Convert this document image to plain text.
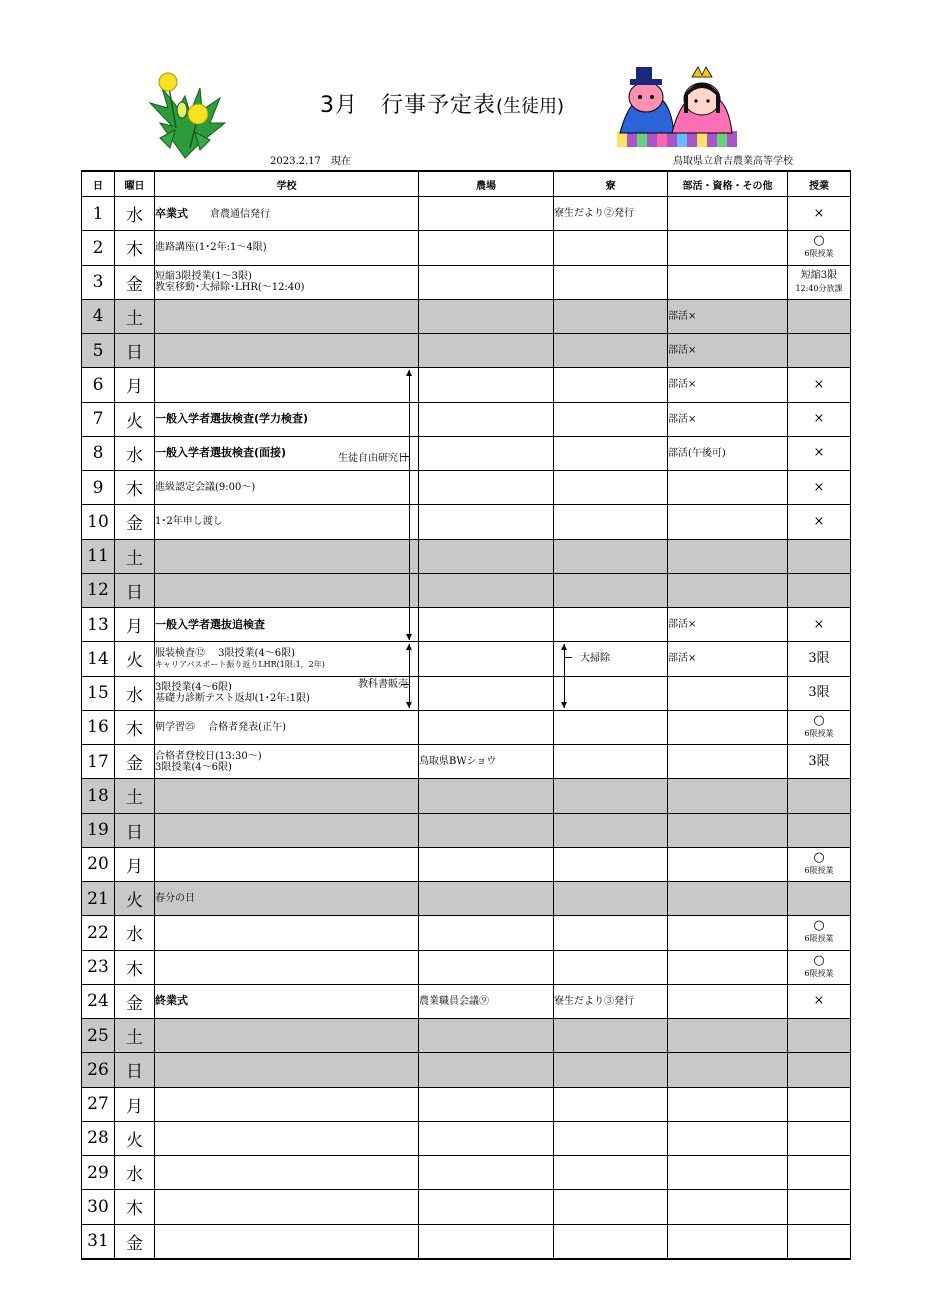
3月　行事予定表(生徒用)
2023.2.17　現在	鳥取県立倉吉農業高等学校
日	曜日	学校	農場	寮	部活・資格・その他	授業
1	水	卒業式 倉農通信発行		寮生だより②発行		×
2	木	進路講座(1･2年:1～4限)				○
6限授業
3	金	短縮3限授業(1～3限)
教室移動･大掃除･LHR(～12:40)				短縮3限
12:40分放課
4	土				部活×	
5	日				部活×	
6	月				部活×	×
7	火	一般入学者選抜検査(学力検査)			部活×	×
8	水	一般入学者選抜検査(面接) 生徒自由研究日			部活(午後可)	×
9	木	進級認定会議(9:00～)				×
10	金	1･2年申し渡し				×
11	土					
12	日					
13	月	一般入学者選抜追検査			部活×	×
14	火	服装検査⑫　 3限授業(4～6限)
キャリアパスポート振り返りLHR(1限:1，2年)		大掃除	部活×	3限
15	水	3限授業(4～6限)
基礎力診断テスト返却(1･2年:1限)
教科書販売				3限
16	木	朝学習㉕　 合格者発表(正午)				○
6限授業
17	金	合格者登校日(13:30～)
3限授業(4～6限)	鳥取県BWショウ			3限
18	土					
19	日					
20	月					○
6限授業
21	火	春分の日				
22	水					○
6限授業
23	木					○
6限授業
24	金	終業式	農業職員会議⑨	寮生だより③発行		×
25	土					
26	日					
27	月					
28	火					
29	水					
30	木					
31	金					
